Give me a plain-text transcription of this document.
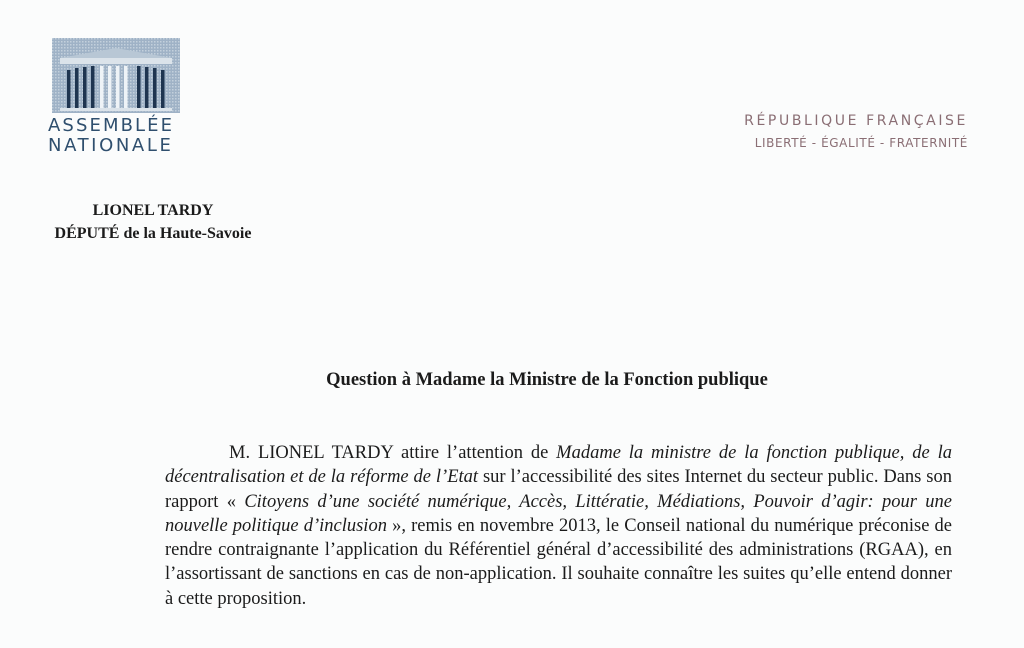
ASSEMBLÉE
NATIONALE
RÉPUBLIQUE FRANÇAISE
LIBERTÉ - ÉGALITÉ - FRATERNITÉ
LIONEL TARDY
DÉPUTÉ de la Haute-Savoie
Question à Madame la Ministre de la Fonction publique

M. LIONEL TARDY attire l’attention de Madame la ministre de la fonction publique, de la décentralisation et de la réforme de l’Etat sur l’accessibilité des sites Internet du secteur public. Dans son rapport « Citoyens d’une société numérique, Accès, Littératie, Médiations, Pouvoir d’agir: pour une nouvelle politique d’inclusion », remis en novembre 2013, le Conseil national du numérique préconise de rendre contraignante l’application du Référentiel général d’accessibilité des administrations (RGAA), en l’assortissant de sanctions en cas de non-application. Il souhaite connaître les suites qu’elle entend donner à cette proposition.
